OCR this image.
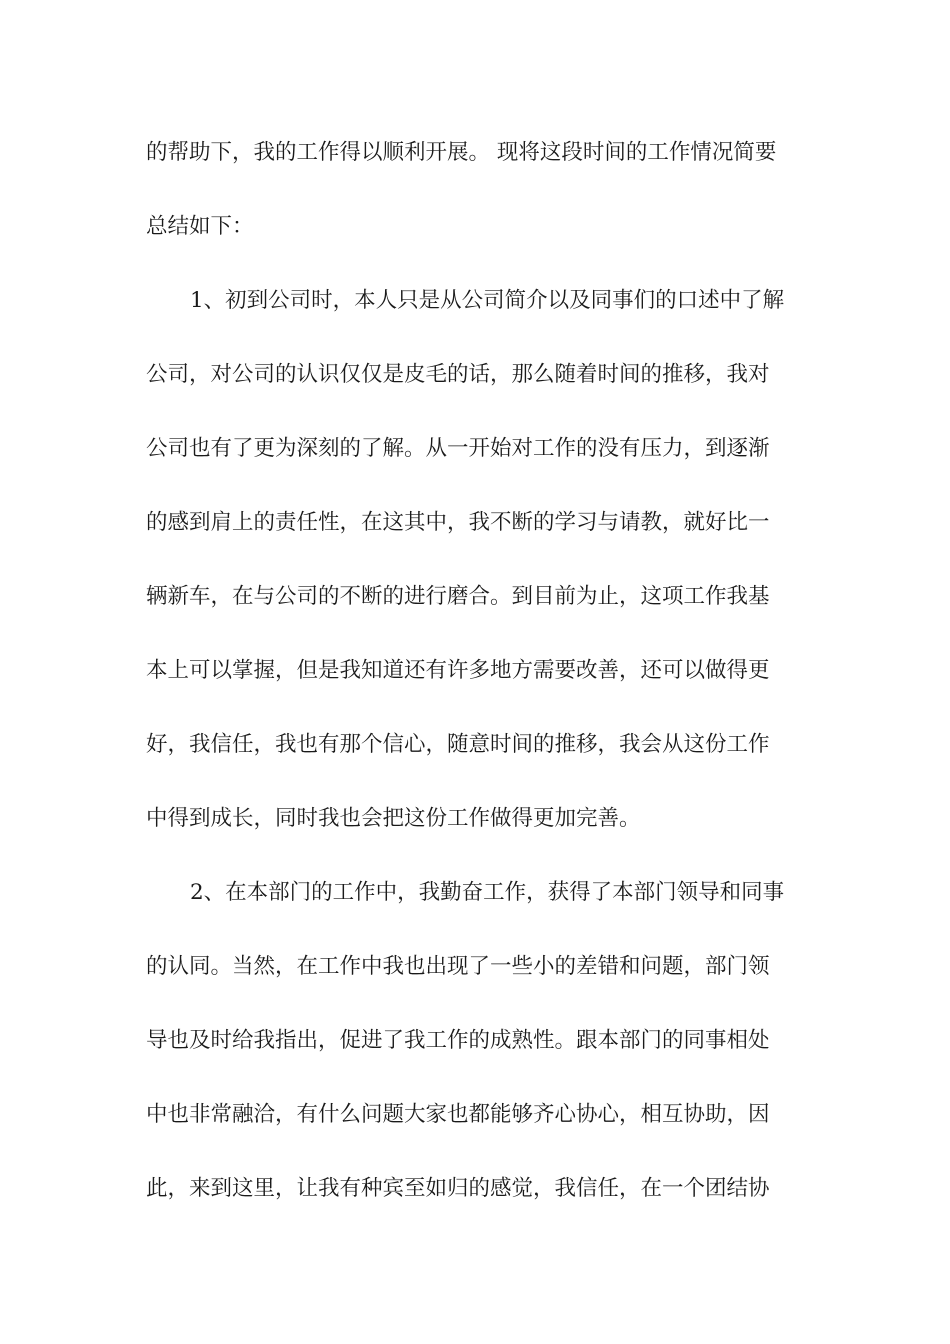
的帮助下，我的工作得以顺利开展。 现将这段时间的工作情况简要
总结如下：
1、初到公司时，本人只是从公司简介以及同事们的口述中了解
公司，对公司的认识仅仅是皮毛的话，那么随着时间的推移，我对
公司也有了更为深刻的了解。从一开始对工作的没有压力，到逐渐
的感到肩上的责任性，在这其中，我不断的学习与请教，就好比一
辆新车，在与公司的不断的进行磨合。到目前为止，这项工作我基
本上可以掌握，但是我知道还有许多地方需要改善，还可以做得更
好，我信任，我也有那个信心，随意时间的推移，我会从这份工作
中得到成长，同时我也会把这份工作做得更加完善。
2、在本部门的工作中，我勤奋工作，获得了本部门领导和同事
的认同。当然，在工作中我也出现了一些小的差错和问题，部门领
导也及时给我指出，促进了我工作的成熟性。跟本部门的同事相处
中也非常融洽，有什么问题大家也都能够齐心协心，相互协助，因
此，来到这里，让我有种宾至如归的感觉，我信任，在一个团结协
